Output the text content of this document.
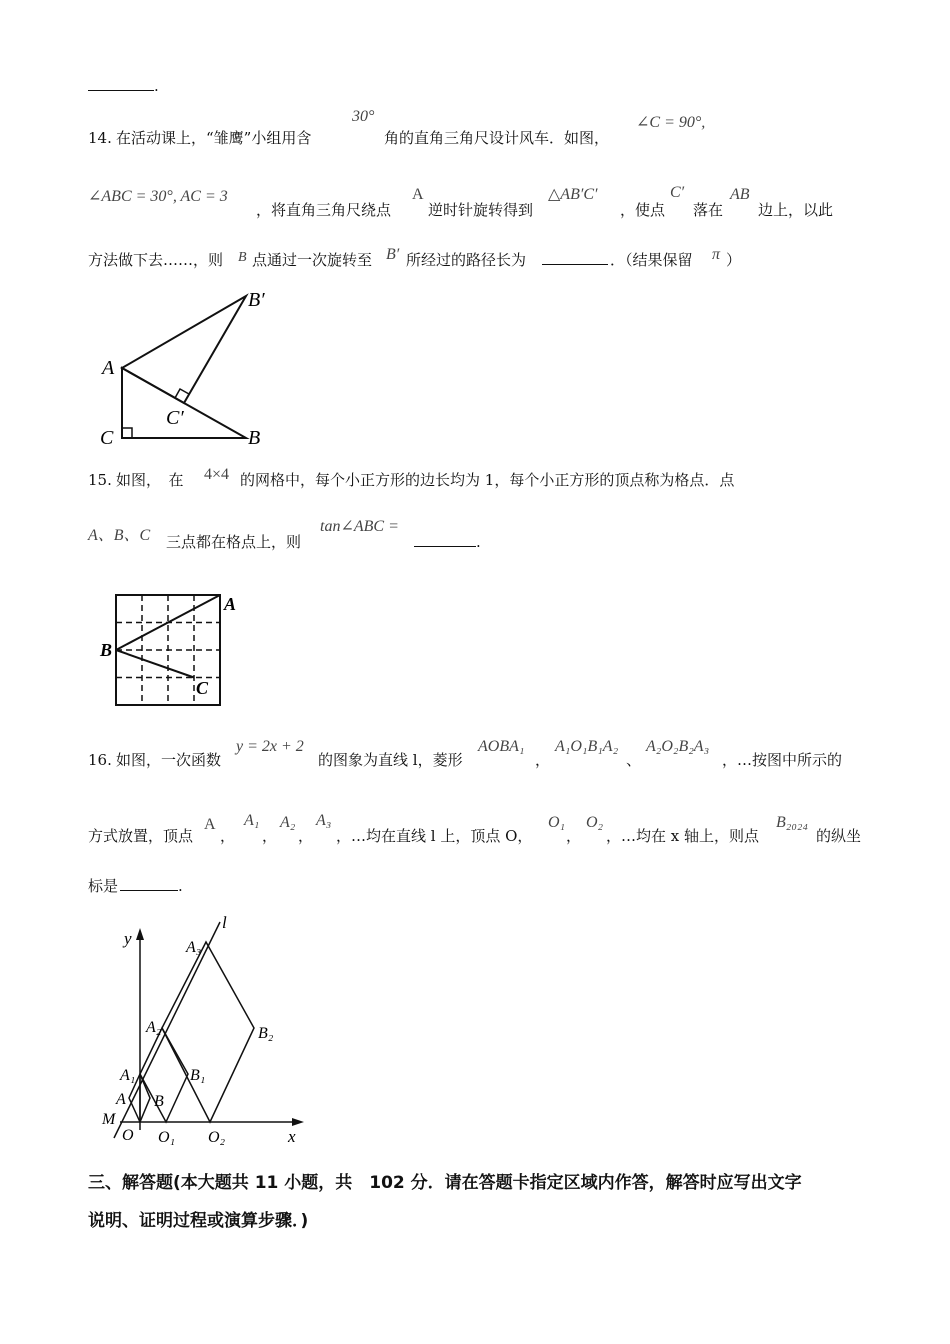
.
14. 在活动课上，“雏鹰”小组用含
30°
角的直角三角尺设计风车．如图，
∠C = 90°,
∠ABC = 30°, AC = 3
，将直角三角尺绕点
A
逆时针旋转得到
△AB′C′
，使点
C′
落在
AB
边上，以此
方法做下去……，则 B 点通过一次旋转至 B′ 所经过的路径长为	．（结果保留 π ）
A
C	B
B′
C′
15. 如图，　在 4×4 的网格中，每个小正方形的边长均为 1，每个小正方形的顶点称为格点．点
A、B、C 三点都在格点上，则
tan∠ABC =
.
A
B
C
16. 如图，一次函数
y = 2x + 2
的图象为直线 l，菱形
AOBA₁
，
A₁O₁B₁A₂
、
A₂O₂B₂A₃
，…按图中所示的
方式放置，顶点
A
，
A₁
，
A₂
，
A₃
，…均在直线 l 上，顶点 O，
O₁
，
O₂
，…均在 x 轴上，则点
B₂₀₂₄
的纵坐
标是	.
y
l
A₃
A₂	B₂
A₁	B₁
A B
M
O O₁ O₂	x
三、解答题(本大题共 11 小题，共　102 分．请在答题卡指定区域内作答，解答时应写出文字
说明、证明过程或演算步骤．)
